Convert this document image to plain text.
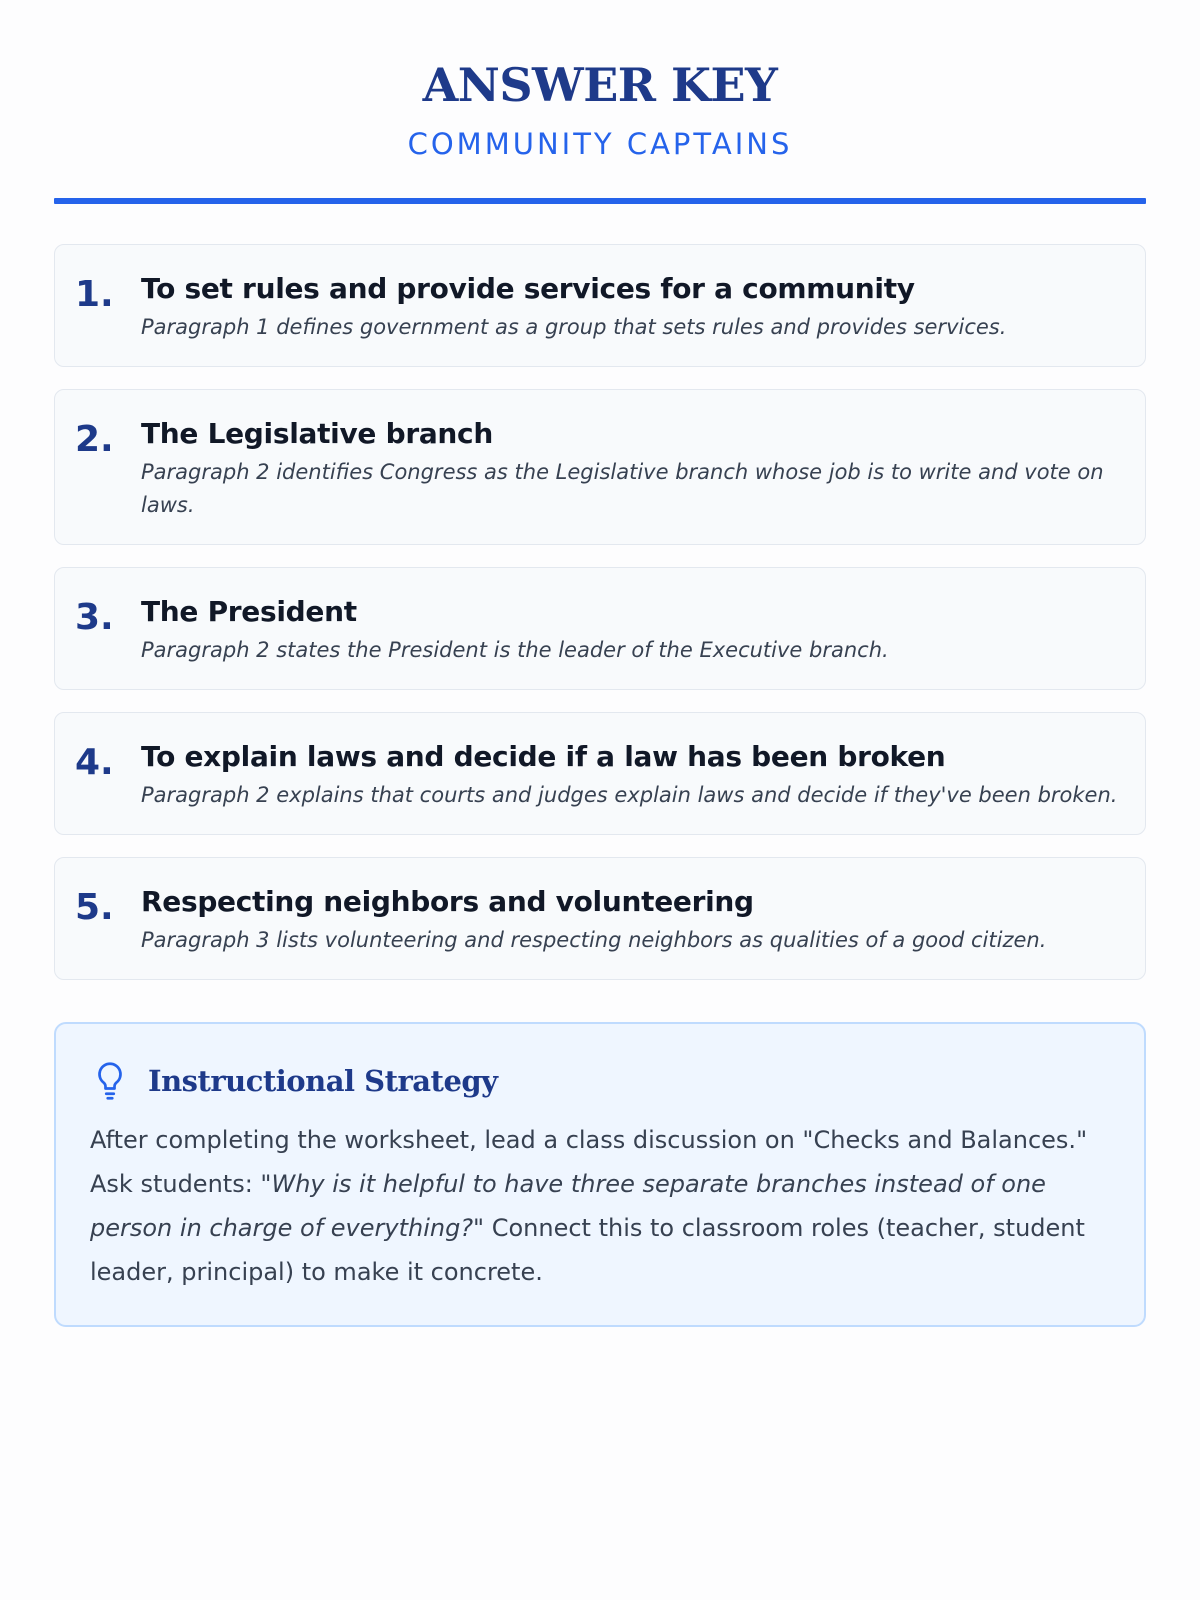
ANSWER KEY
COMMUNITY CAPTAINS
1. To set rules and provide services for a community
Paragraph 1 defines government as a group that sets rules and provides services.
2. The Legislative branch
Paragraph 2 identifies Congress as the Legislative branch whose job is to write and vote on laws.
3. The President
Paragraph 2 states the President is the leader of the Executive branch.
4. To explain laws and decide if a law has been broken
Paragraph 2 explains that courts and judges explain laws and decide if they've been broken.
5. Respecting neighbors and volunteering
Paragraph 3 lists volunteering and respecting neighbors as qualities of a good citizen.
Instructional Strategy

After completing the worksheet, lead a class discussion on "Checks and Balances." Ask students: "Why is it helpful to have three separate branches instead of one person in charge of everything?" Connect this to classroom roles (teacher, student leader, principal) to make it concrete.
